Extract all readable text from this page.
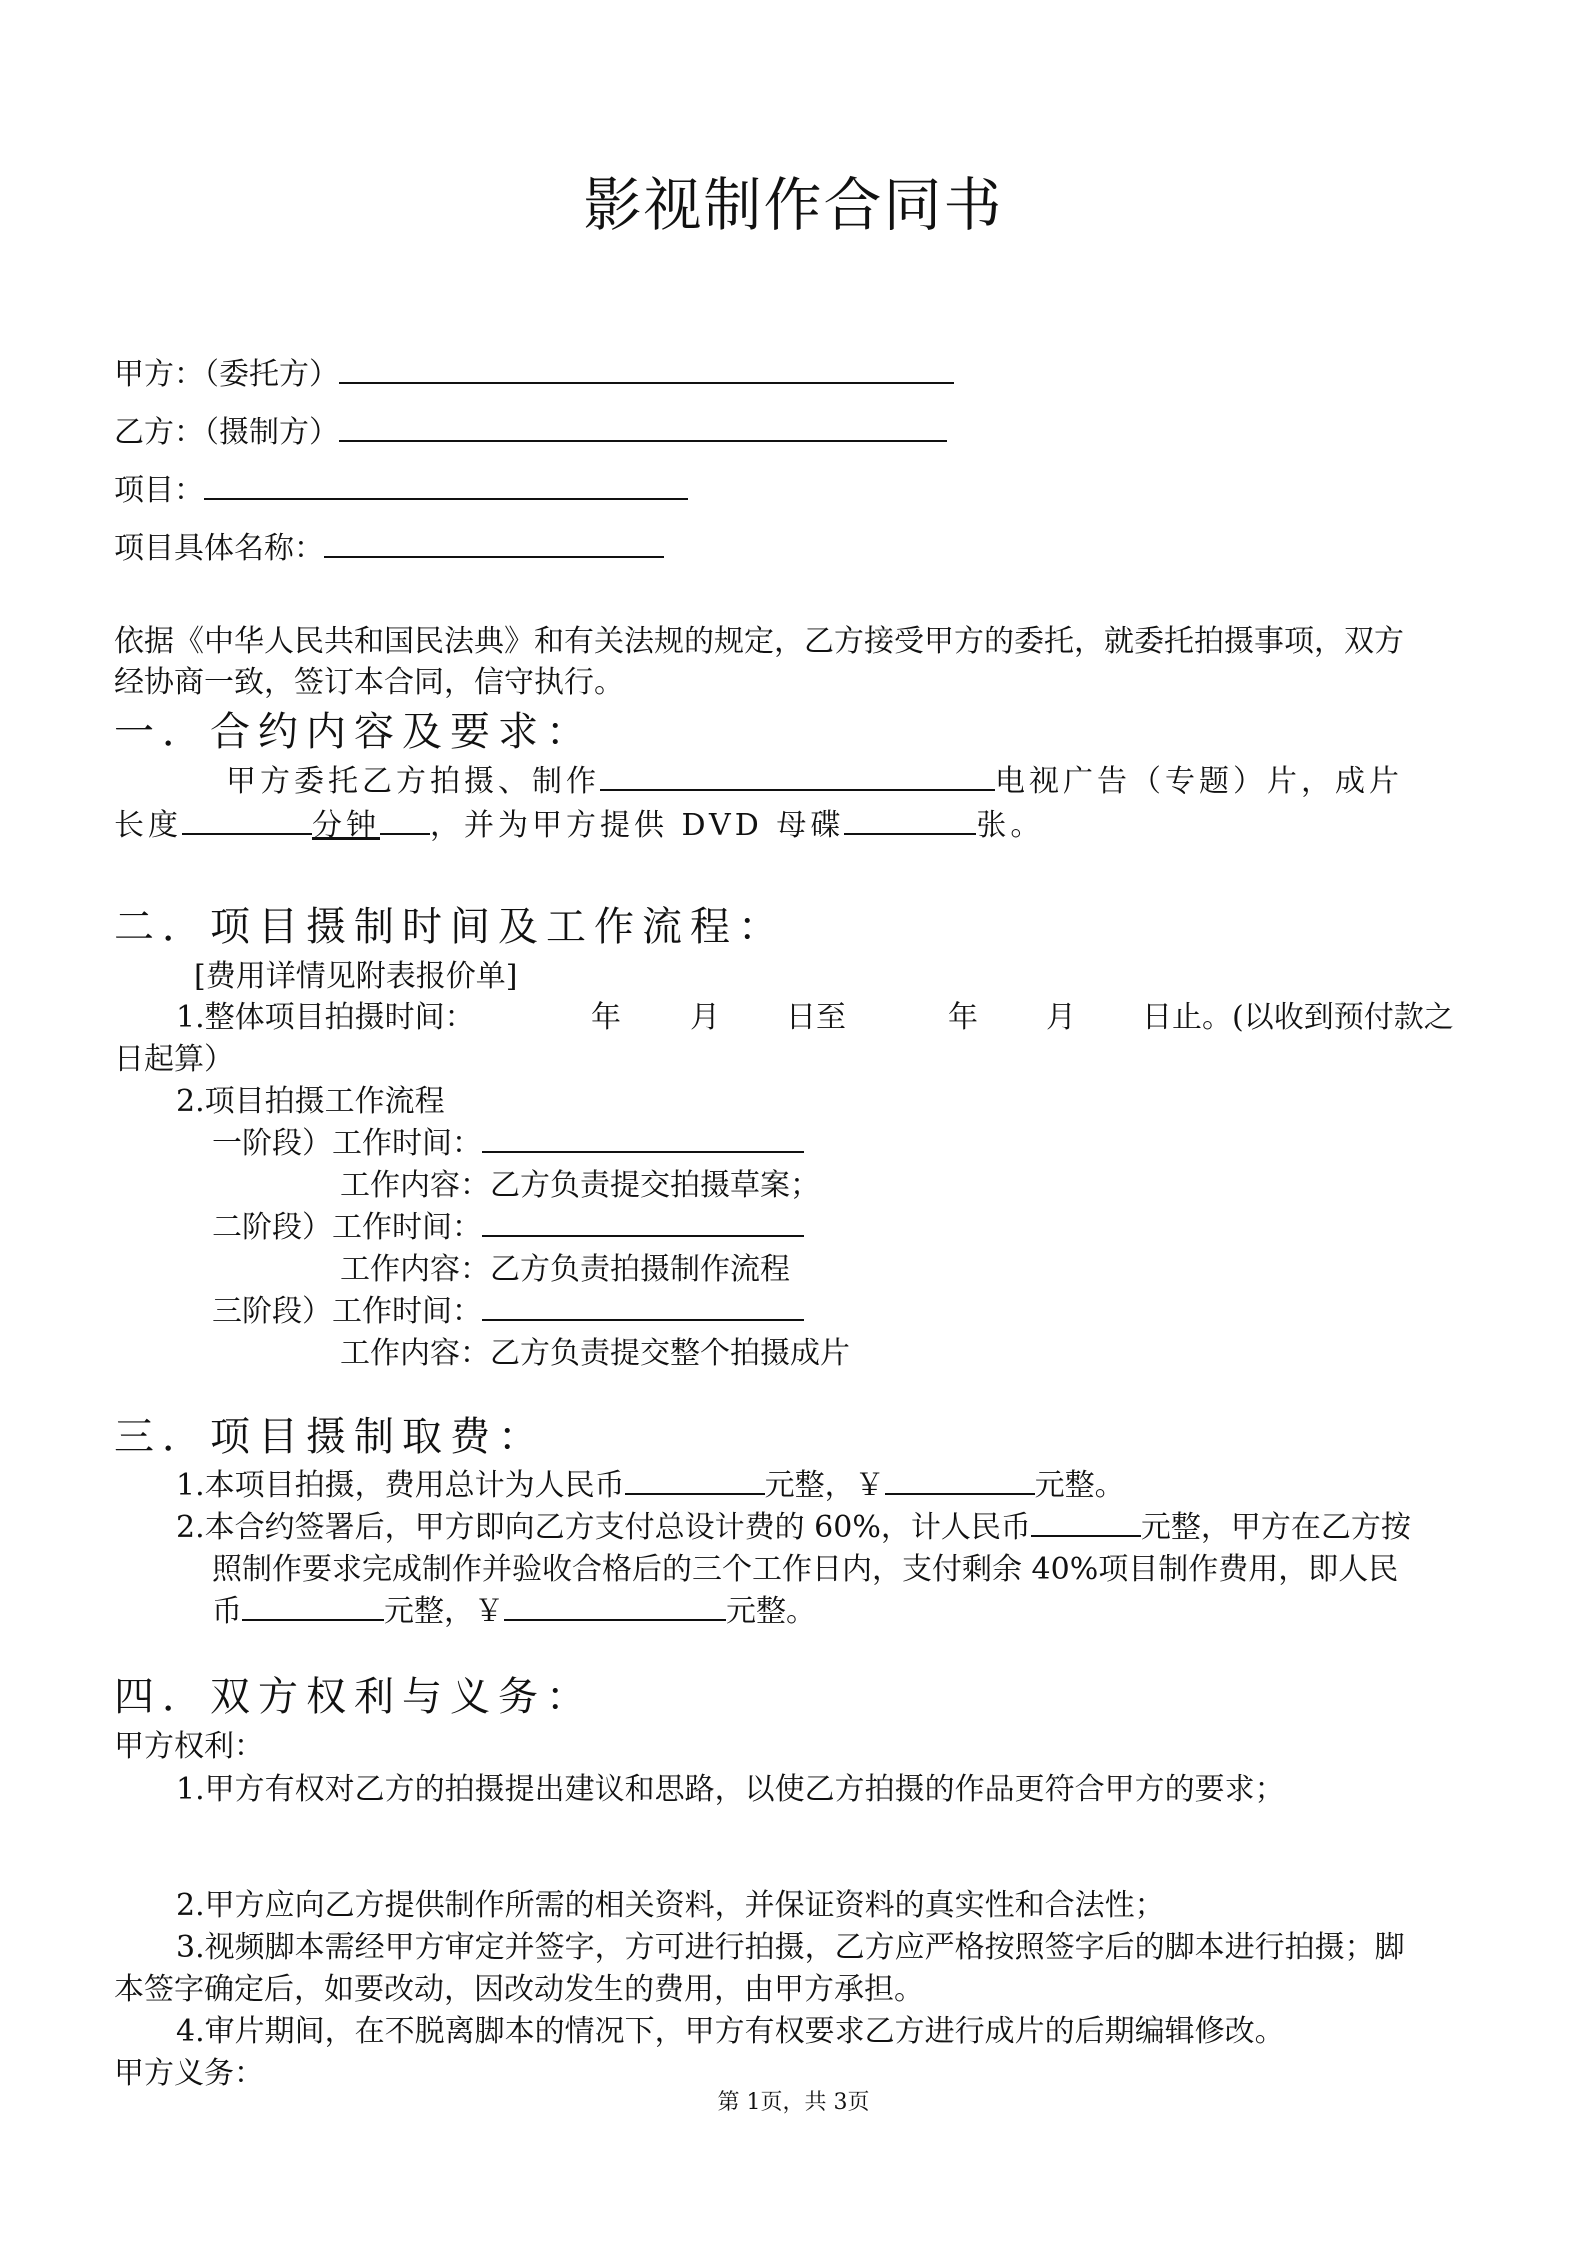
影视制作合同书
甲方：（委托方）
乙方：（摄制方）
项目：
项目具体名称：
依据《中华人民共和国民法典》和有关法规的规定，乙方接受甲方的委托，就委托拍摄事项，双方
经协商一致，签订本合同，信守执行。
一．合约内容及要求：
甲方委托乙方拍摄、制作	电视广告（专题）片，成片
长度	分钟 ，并为甲方提供 DVD 母碟	张。
二．项目摄制时间及工作流程：
[费用详情见附表报价单]
1.整体项目拍摄时间：	年 月 日至	年 月 日止。(以收到预付款之
日起算）
2.项目拍摄工作流程
一阶段）工作时间：
工作内容：乙方负责提交拍摄草案；
二阶段）工作时间：
工作内容：乙方负责拍摄制作流程
三阶段）工作时间：
工作内容：乙方负责提交整个拍摄成片
三．项目摄制取费：
1.本项目拍摄，费用总计为人民币	元整，￥	元整。
2.本合约签署后，甲方即向乙方支付总设计费的 60%，计人民币	元整，甲方在乙方按
照制作要求完成制作并验收合格后的三个工作日内，支付剩余 40%项目制作费用，即人民
币	元整，￥	元整。
四．双方权利与义务：
甲方权利：
1.甲方有权对乙方的拍摄提出建议和思路，以使乙方拍摄的作品更符合甲方的要求；
2.甲方应向乙方提供制作所需的相关资料，并保证资料的真实性和合法性；
3.视频脚本需经甲方审定并签字，方可进行拍摄，乙方应严格按照签字后的脚本进行拍摄；脚
本签字确定后，如要改动，因改动发生的费用，由甲方承担。
4.审片期间，在不脱离脚本的情况下，甲方有权要求乙方进行成片的后期编辑修改。
甲方义务：
第 1页，共 3页
